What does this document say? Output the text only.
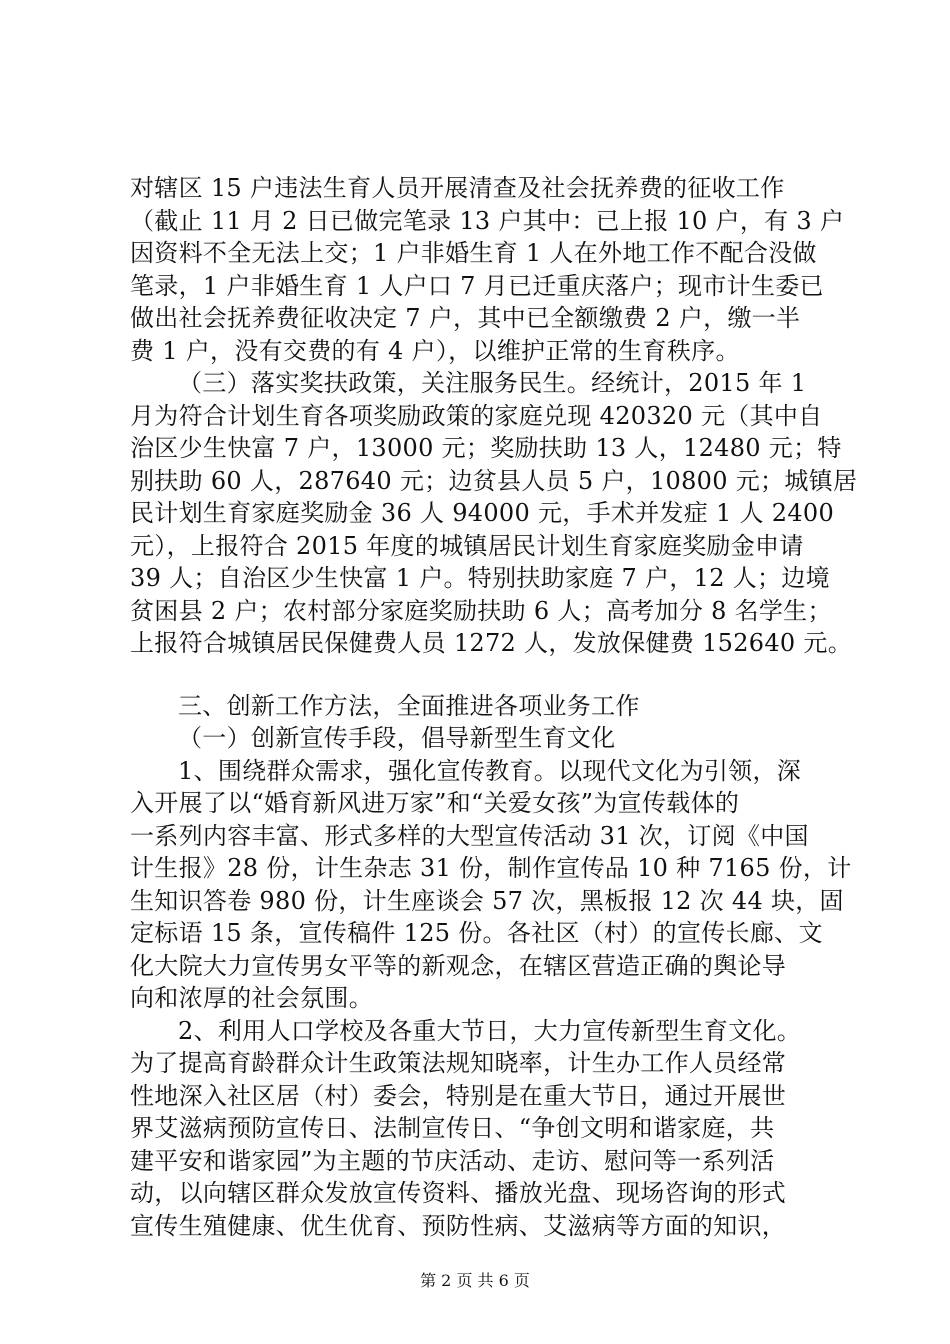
对辖区 15 户违法生育人员开展清查及社会抚养费的征收工作
（截止 11 月 2 日已做完笔录 13 户其中：已上报 10 户，有 3 户
因资料不全无法上交；1 户非婚生育 1 人在外地工作不配合没做
笔录，1 户非婚生育 1 人户口 7 月已迁重庆落户；现市计生委已
做出社会抚养费征收决定 7 户，其中已全额缴费 2 户，缴一半
费 1 户，没有交费的有 4 户），以维护正常的生育秩序。
（三）落实奖扶政策，关注服务民生。经统计，2015 年 1
月为符合计划生育各项奖励政策的家庭兑现 420320 元（其中自
治区少生快富 7 户，13000 元；奖励扶助 13 人，12480 元；特
别扶助 60 人，287640 元；边贫县人员 5 户，10800 元；城镇居
民计划生育家庭奖励金 36 人 94000 元，手术并发症 1 人 2400
元），上报符合 2015 年度的城镇居民计划生育家庭奖励金申请
39 人；自治区少生快富 1 户。特别扶助家庭 7 户，12 人；边境
贫困县 2 户；农村部分家庭奖励扶助 6 人；高考加分 8 名学生；
上报符合城镇居民保健费人员 1272 人，发放保健费 152640 元。
三、创新工作方法，全面推进各项业务工作
（一）创新宣传手段，倡导新型生育文化
1、围绕群众需求，强化宣传教育。以现代文化为引领，深
入开展了以“婚育新风进万家”和“关爱女孩”为宣传载体的
一系列内容丰富、形式多样的大型宣传活动 31 次，订阅《中国
计生报》28 份，计生杂志 31 份，制作宣传品 10 种 7165 份，计
生知识答卷 980 份，计生座谈会 57 次，黑板报 12 次 44 块，固
定标语 15 条，宣传稿件 125 份。各社区（村）的宣传长廊、文
化大院大力宣传男女平等的新观念，在辖区营造正确的舆论导
向和浓厚的社会氛围。
2、利用人口学校及各重大节日，大力宣传新型生育文化。
为了提高育龄群众计生政策法规知晓率，计生办工作人员经常
性地深入社区居（村）委会，特别是在重大节日，通过开展世
界艾滋病预防宣传日、法制宣传日、“争创文明和谐家庭，共
建平安和谐家园”为主题的节庆活动、走访、慰问等一系列活
动，以向辖区群众发放宣传资料、播放光盘、现场咨询的形式
宣传生殖健康、优生优育、预防性病、艾滋病等方面的知识，
第 2 页 共 6 页
